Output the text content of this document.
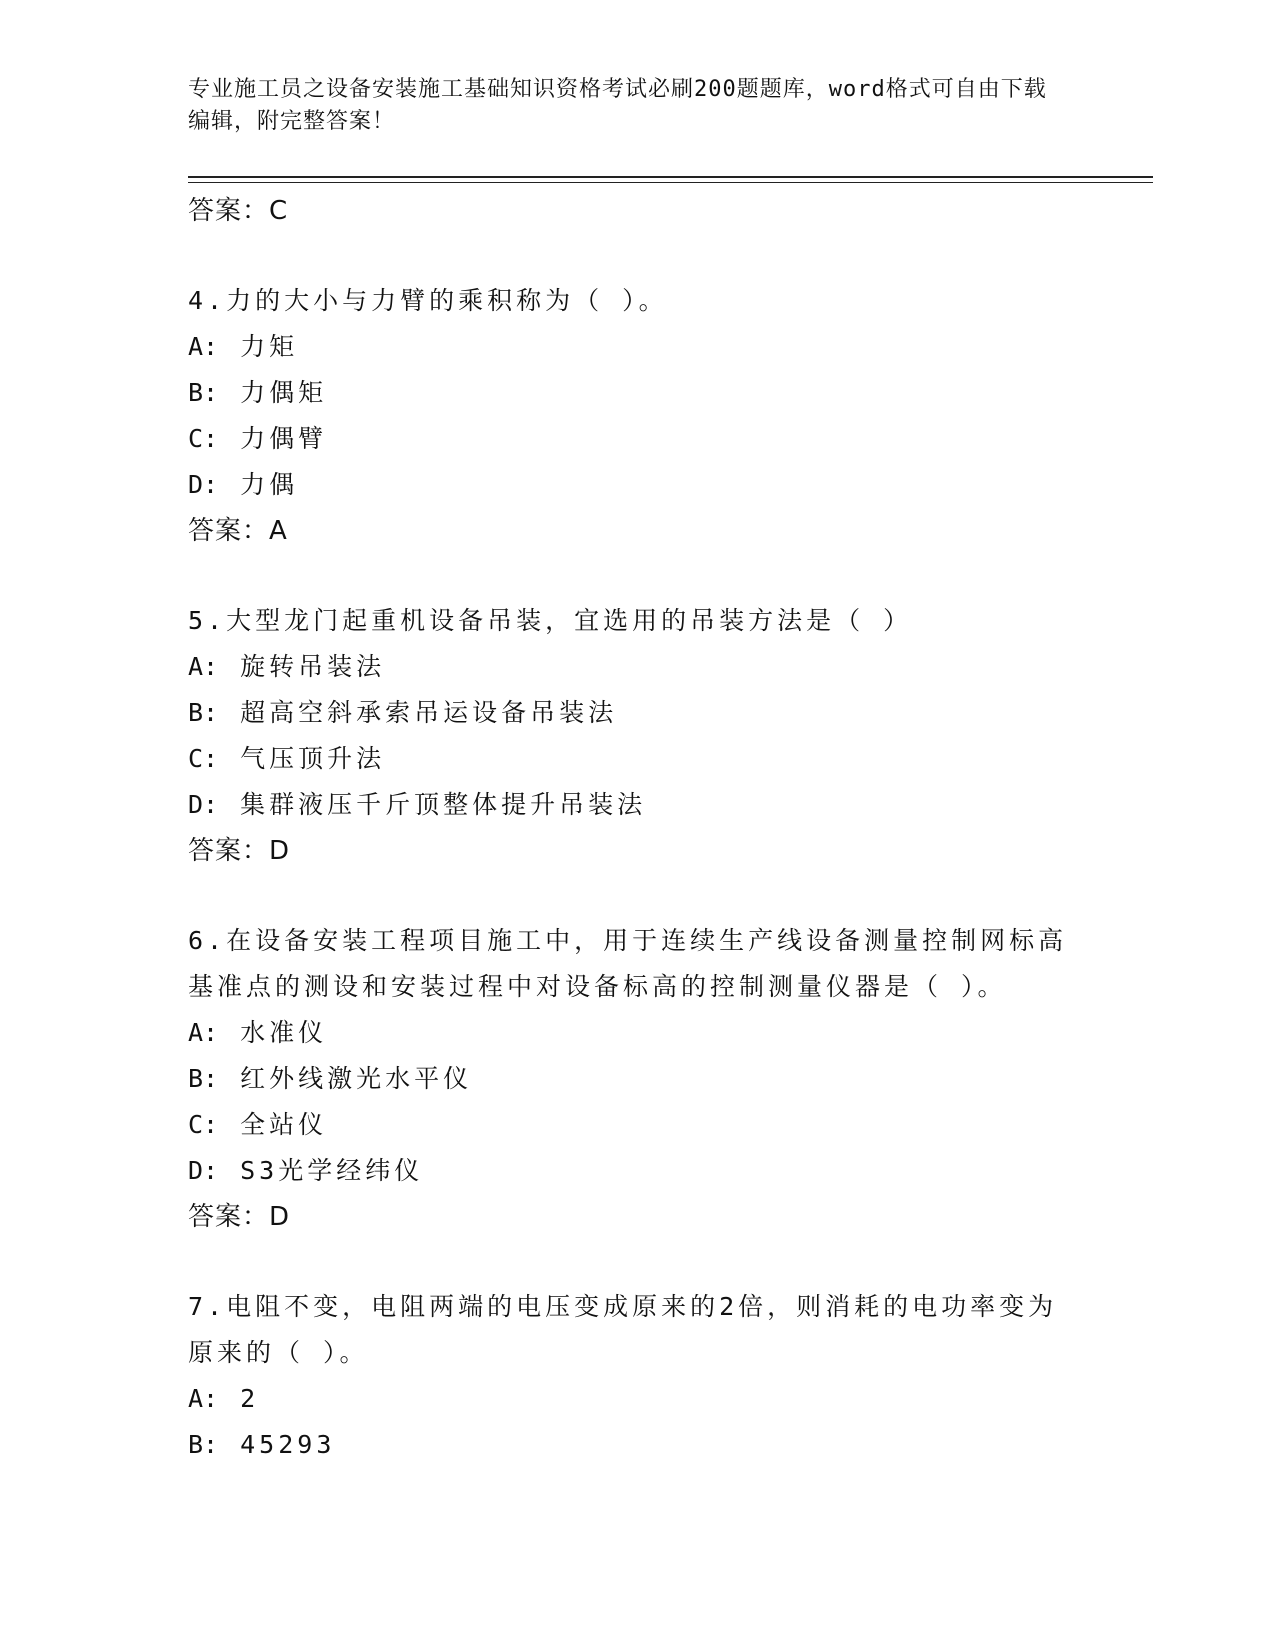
专业施工员之设备安装施工基础知识资格考试必刷200题题库，word格式可自由下载编辑，附完整答案！
答案：C
4.力的大小与力臂的乘积称为（ ）。
A: 力矩
B: 力偶矩
C: 力偶臂
D: 力偶
答案：A
5.大型龙门起重机设备吊装，宜选用的吊装方法是（ ）
A: 旋转吊装法
B: 超高空斜承索吊运设备吊装法
C: 气压顶升法
D: 集群液压千斤顶整体提升吊装法
答案：D
6.在设备安装工程项目施工中，用于连续生产线设备测量控制网标高基准点的测设和安装过程中对设备标高的控制测量仪器是（ ）。
A: 水准仪
B: 红外线激光水平仪
C: 全站仪
D: S3光学经纬仪
答案：D
7.电阻不变，电阻两端的电压变成原来的2倍，则消耗的电功率变为原来的（ ）。
A: 2
B: 45293
